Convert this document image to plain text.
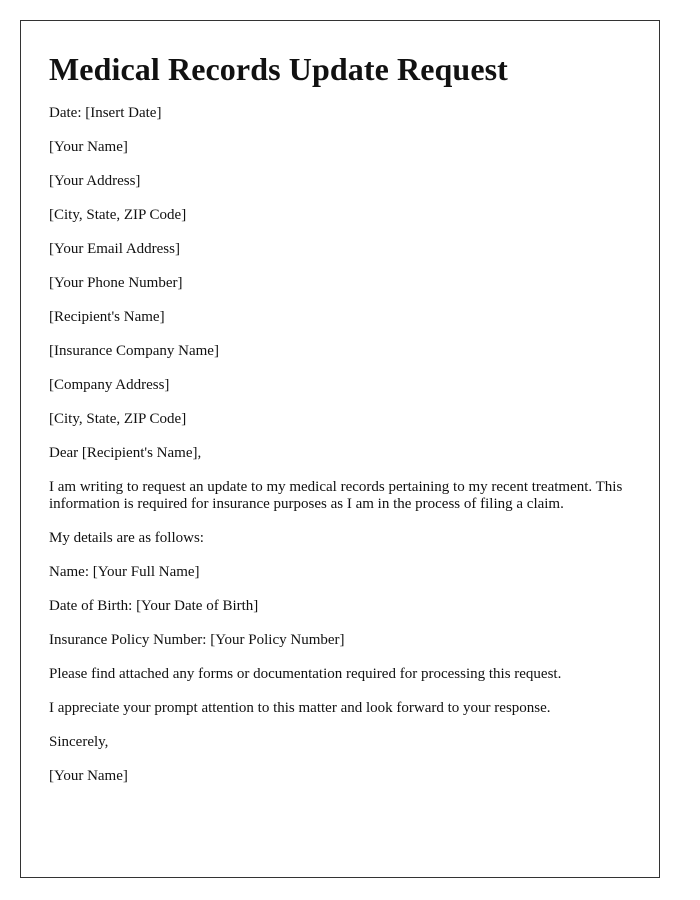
Medical Records Update Request

Date: [Insert Date]

[Your Name]

[Your Address]

[City, State, ZIP Code]

[Your Email Address]

[Your Phone Number]

[Recipient's Name]

[Insurance Company Name]

[Company Address]

[City, State, ZIP Code]

Dear [Recipient's Name],

I am writing to request an update to my medical records pertaining to my recent treatment. This information is required for insurance purposes as I am in the process of filing a claim.

My details are as follows:

Name: [Your Full Name]

Date of Birth: [Your Date of Birth]

Insurance Policy Number: [Your Policy Number]

Please find attached any forms or documentation required for processing this request.

I appreciate your prompt attention to this matter and look forward to your response.

Sincerely,

[Your Name]
